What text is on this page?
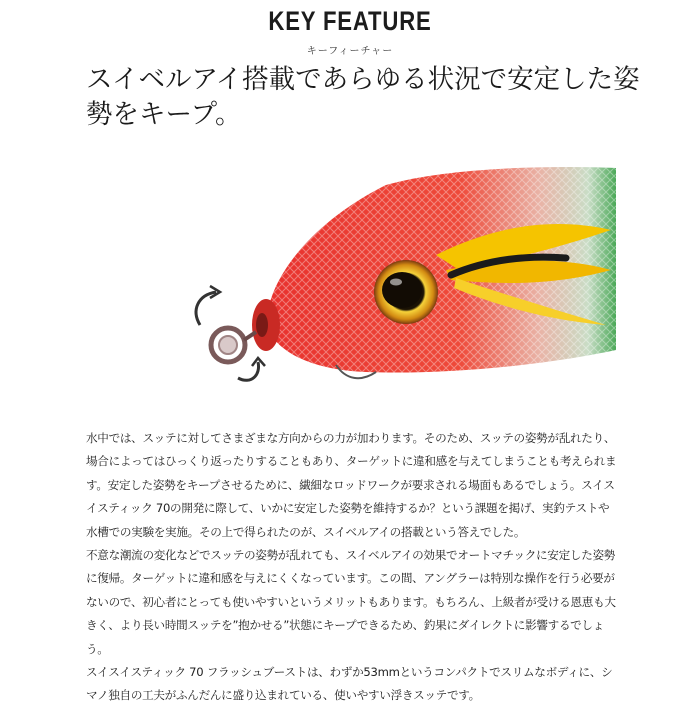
KEY FEATURE
キーフィーチャー
スイベルアイ搭載であらゆる状況で安定した姿勢をキープ。

水中では、スッテに対してさまざまな方向からの力が加わります。そのため、スッテの姿勢が乱れたり、場合によってはひっくり返ったりすることもあり、ターゲットに違和感を与えてしまうことも考えられます。安定した姿勢をキープさせるために、繊細なロッドワークが要求される場面もあるでしょう。スイスイスティック 70の開発に際して、いかに安定した姿勢を維持するか？という課題を掲げ、実釣テストや水槽での実験を実施。その上で得られたのが、スイベルアイの搭載という答えでした。

不意な潮流の変化などでスッテの姿勢が乱れても、スイベルアイの効果でオートマチックに安定した姿勢に復帰。ターゲットに違和感を与えにくくなっています。この間、アングラーは特別な操作を行う必要がないので、初心者にとっても使いやすいというメリットもあります。もちろん、上級者が受ける恩恵も大きく、より長い時間スッテを”抱かせる”状態にキープできるため、釣果にダイレクトに影響するでしょう。

スイスイスティック 70 フラッシュブーストは、わずか53mmというコンパクトでスリムなボディに、シマノ独自の工夫がふんだんに盛り込まれている、使いやすい浮きスッテです。
